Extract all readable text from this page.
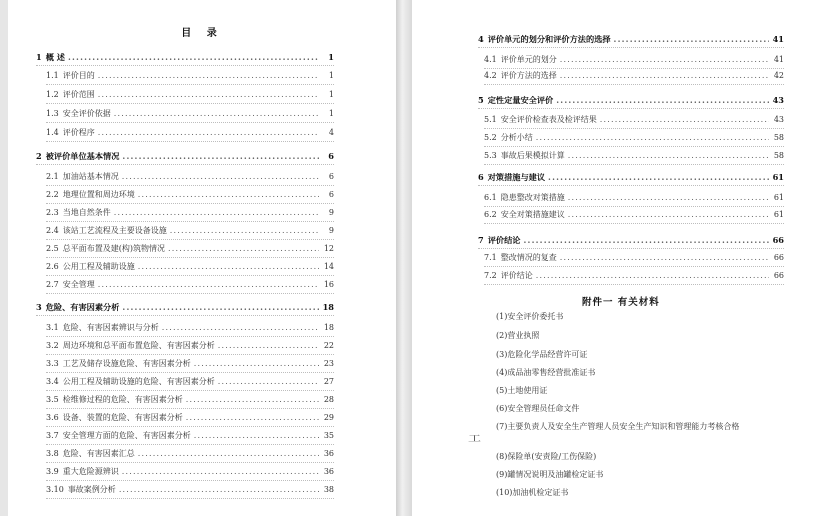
目 录
1 概 述 .....	1
1.1 评价目的 .....	1
1.2 评价范围 .....	1
1.3 安全评价依据 .....	1
1.4 评价程序 .....	4
2 被评价单位基本情况 .....	6
2.1 加油站基本情况 .....	6
2.2 地理位置和周边环境 .....	6
2.3 当地自然条件 .....	9
2.4 该站工艺流程及主要设备设施 .....	9
2.5 总平面布置及建(构)筑物情况 .....	12
2.6 公用工程及辅助设施 .....	14
2.7 安全管理 .....	16
3 危险、有害因素分析 .....	18
3.1 危险、有害因素辨识与分析 .....	18
3.2 周边环境和总平面布置危险、有害因素分析 .....	22
3.3 工艺及储存设施危险、有害因素分析 .....	23
3.4 公用工程及辅助设施的危险、有害因素分析 .....	27
3.5 检维修过程的危险、有害因素分析 .....	28
3.6 设备、装置的危险、有害因素分析 .....	29
3.7 安全管理方面的危险、有害因素分析 .....	35
3.8 危险、有害因素汇总 .....	36
3.9 重大危险源辨识 .....	36
3.10 事故案例分析 .....	38
4 评价单元的划分和评价方法的选择 .....	41
4.1 评价单元的划分 .....	41
4.2 评价方法的选择 .....	42
5 定性定量安全评价 .....	43
5.1 安全评价检查表及检评结果 .....	43
5.2 分析小结 .....	58
5.3 事故后果模拟计算 .....	58
6 对策措施与建议 .....	61
6.1 隐患整改对策措施 .....	61
6.2 安全对策措施建议 .....	61
7 评价结论 .....	66
7.1 整改情况的复查 .....	66
7.2 评价结论 .....	66
附件一 有关材料
(1)安全评价委托书
(2)营业执照
(3)危险化学品经营许可证
(4)成品油零售经营批准证书
(5)土地使用证
(6)安全管理员任命文件
(7)主要负责人及安全生产管理人员安全生产知识和管理能力考核合格
(8)保险单(安责险/工伤保险)
(9)罐情况说明及油罐检定证书
(10)加油机检定证书
工
